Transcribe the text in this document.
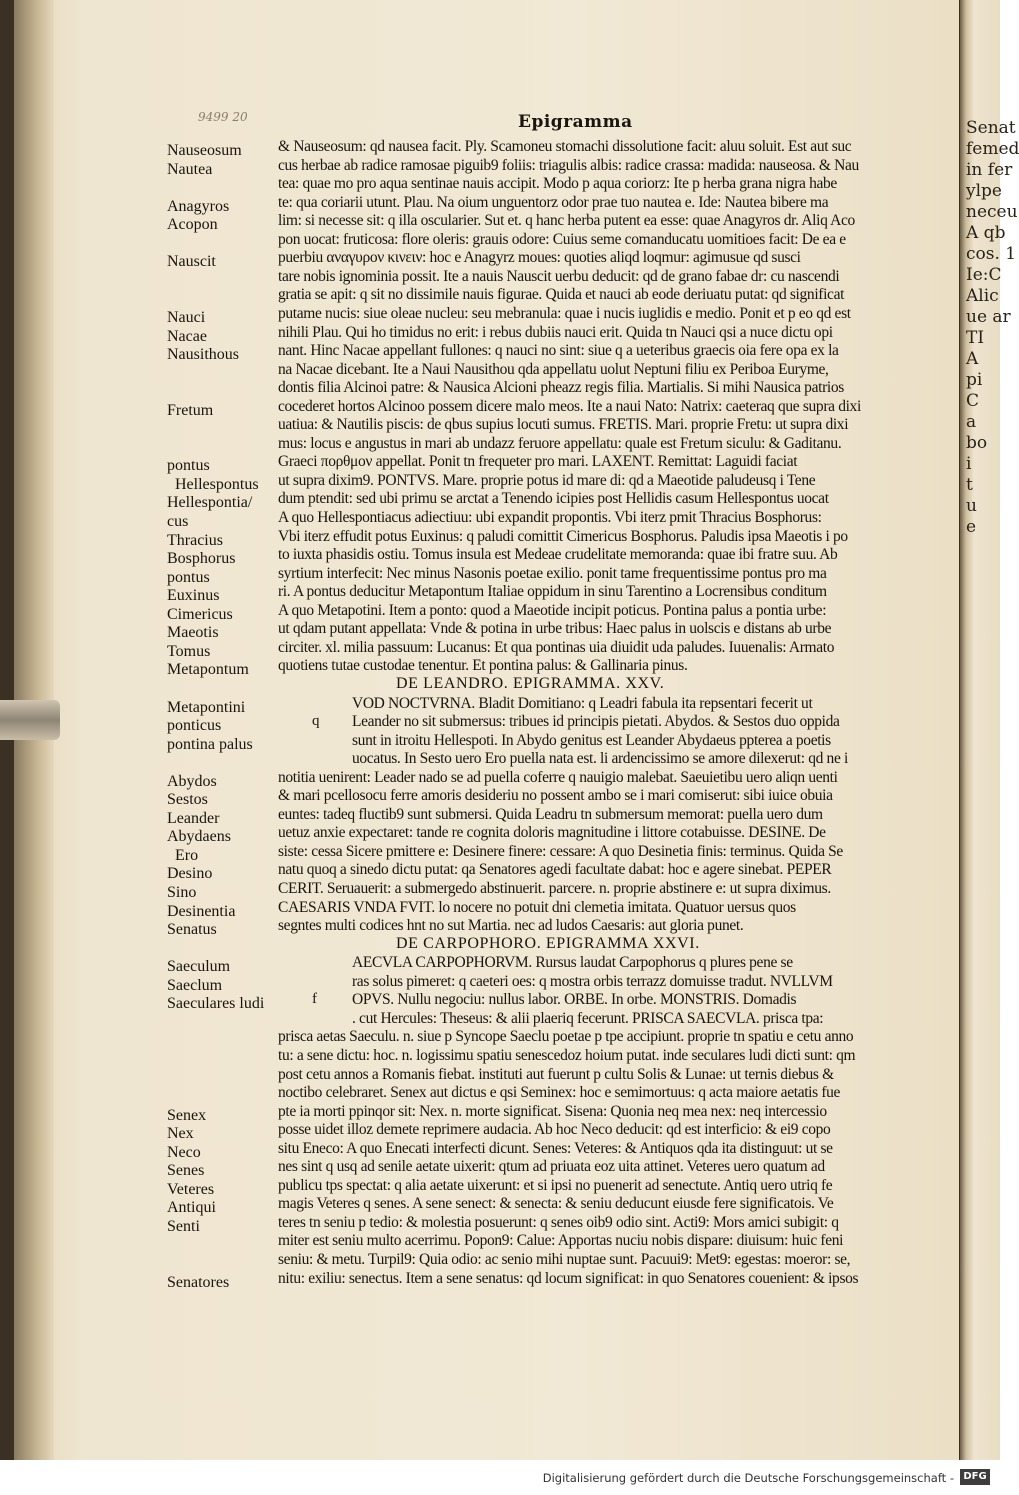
Senat
femed
in fer
ylpe
neceu
A qb
cos. 1
Ie:C
Alic
ue ar
TI
A
pi
C
a
bo
i
t
u
e
9499 20	Epigramma
Nauseosum
Nautea
Anagyros
Acopon
Nauscit
Nauci
Nacae
Nausithous
Fretum
pontus
Hellespontus
Hellespontia/
cus
Thracius
Bosphorus
pontus
Euxinus
Cimericus
Maeotis
Tomus
Metapontum
Metapontini
ponticus
pontina palus
Abydos
Sestos
Leander
Abydaens
Ero
Desino
Sino
Desinentia
Senatus
Saeculum
Saeclum
Saeculares ludi
Senex
Nex
Neco
Senes
Veteres
Antiqui
Senti
Senatores
& Nauseosum: qd nausea facit. Ply. Scamoneu stomachi dissolutione facit: aluu soluit. Est aut suc
cus herbae ab radice ramosae piguib9 foliis: triagulis albis: radice crassa: madida: nauseosa. & Nau
tea: quae mo pro aqua sentinae nauis accipit. Modo p aqua coriorz: Ite p herba grana nigra habe
te: qua coriarii utunt. Plau. Na oium unguentorz odor prae tuo nautea e. Ide: Nautea bibere ma
lim: si necesse sit: q illa oscularier. Sut et. q hanc herba putent ea esse: quae Anagyros dr. Aliq Aco
pon uocat: fruticosa: flore oleris: grauis odore: Cuius seme comanducatu uomitioes facit: De ea e
puerbiu αναγυρον κινειν: hoc e Anagyrz moues: quoties aliqd loqmur: agimusue qd susci
tare nobis ignominia possit. Ite a nauis Nauscit uerbu deducit: qd de grano fabae dr: cu nascendi
gratia se apit: q sit no dissimile nauis figurae. Quida et nauci ab eode deriuatu putat: qd significat
putame nucis: siue oleae nucleu: seu mebranula: quae i nucis iuglidis e medio. Ponit et p eo qd est
nihili Plau. Qui ho timidus no erit: i rebus dubiis nauci erit. Quida tn Nauci qsi a nuce dictu opi
nant. Hinc Nacae appellant fullones: q nauci no sint: siue q a ueteribus graecis oia fere opa ex la
na Nacae dicebant. Ite a Naui Nausithou qda appellatu uolut Neptuni filiu ex Periboa Euryme,
dontis filia Alcinoi patre: & Nausica Alcioni pheazz regis filia. Martialis. Si mihi Nausica patrios
cocederet hortos Alcinoo possem dicere malo meos. Ite a naui Nato: Natrix: caeteraq que supra dixi
uatiua: & Nautilis piscis: de qbus supius locuti sumus. FRETIS. Mari. proprie Fretu: ut supra dixi
mus: locus e angustus in mari ab undazz feruore appellatu: quale est Fretum siculu: & Gaditanu.
Graeci πορθμον appellat. Ponit tn frequeter pro mari. LAXENT. Remittat: Laguidi faciat
ut supra dixim9. PONTVS. Mare. proprie potus id mare di: qd a Maeotide paludeusq i Tene
dum ptendit: sed ubi primu se arctat a Tenendo icipies post Hellidis casum Hellespontus uocat
A quo Hellespontiacus adiectiuu: ubi expandit propontis. Vbi iterz pmit Thracius Bosphorus:
Vbi iterz effudit potus Euxinus: q paludi comittit Cimericus Bosphorus. Paludis ipsa Maeotis i po
to iuxta phasidis ostiu. Tomus insula est Medeae crudelitate memoranda: quae ibi fratre suu. Ab
syrtium interfecit: Nec minus Nasonis poetae exilio. ponit tame frequentissime pontus pro ma
ri. A pontus deducitur Metapontum Italiae oppidum in sinu Tarentino a Locrensibus conditum
A quo Metapotini. Item a ponto: quod a Maeotide incipit poticus. Pontina palus a pontia urbe:
ut qdam putant appellata: Vnde & potina in urbe tribus: Haec palus in uolscis e distans ab urbe
circiter. xl. milia passuum: Lucanus: Et qua pontinas uia diuidit uda paludes. Iuuenalis: Armato
quotiens tutae custodae tenentur. Et pontina palus: & Gallinaria pinus.
DE LEANDRO. EPIGRAMMA. XXV.
VOD NOCTVRNA. Bladit Domitiano: q Leadri fabula ita repsentari fecerit ut
Leander no sit submersus: tribues id principis pietati. Abydos. & Sestos duo oppida
sunt in itroitu Hellespoti. In Abydo genitus est Leander Abydaeus ppterea a poetis
uocatus. In Sesto uero Ero puella nata est. li ardencissimo se amore dilexerut: qd ne i
notitia uenirent: Leader nado se ad puella coferre q nauigio malebat. Saeuietibu uero aliqn uenti
& mari pcellosocu ferre amoris desideriu no possent ambo se i mari comiserut: sibi iuice obuia
euntes: tadeq fluctib9 sunt submersi. Quida Leadru tn submersum memorat: puella uero dum
uetuz anxie expectaret: tande re cognita doloris magnitudine i littore cotabuisse. DESINE. De
siste: cessa Sicere pmittere e: Desinere finere: cessare: A quo Desinetia finis: terminus. Quida Se
natu quoq a sinedo dictu putat: qa Senatores agedi facultate dabat: hoc e agere sinebat. PEPER
CERIT. Seruauerit: a submergedo abstinuerit. parcere. n. proprie abstinere e: ut supra diximus.
CAESARIS VNDA FVIT. lo nocere no potuit dni clemetia imitata. Quatuor uersus quos
segntes multi codices hnt no sut Martia. nec ad ludos Caesaris: aut gloria punet.
DE CARPOPHORO. EPIGRAMMA XXVI.
AECVLA CARPOPHORVM. Rursus laudat Carpophorus q plures pene se
ras solus pimeret: q caeteri oes: q mostra orbis terrazz domuisse tradut. NVLLVM
OPVS. Nullu negociu: nullus labor. ORBE. In orbe. MONSTRIS. Domadis
. cut Hercules: Theseus: & alii plaeriq fecerunt. PRISCA SAECVLA. prisca tpa:
prisca aetas Saeculu. n. siue p Syncope Saeclu poetae p tpe accipiunt. proprie tn spatiu e cetu anno
tu: a sene dictu: hoc. n. logissimu spatiu senescedoz hoium putat. inde seculares ludi dicti sunt: qm
post cetu annos a Romanis fiebat. instituti aut fuerunt p cultu Solis & Lunae: ut ternis diebus &
noctibo celebraret. Senex aut dictus e qsi Seminex: hoc e semimortuus: q acta maiore aetatis fue
pte ia morti ppinqor sit: Nex. n. morte significat. Sisena: Quonia neq mea nex: neq intercessio
posse uidet illoz demete reprimere audacia. Ab hoc Neco deducit: qd est interficio: & ei9 copo
situ Eneco: A quo Enecati interfecti dicunt. Senes: Veteres: & Antiquos qda ita distinguut: ut se
nes sint q usq ad senile aetate uixerit: qtum ad priuata eoz uita attinet. Veteres uero quatum ad
publicu tps spectat: q alia aetate uixerunt: et si ipsi no puenerit ad senectute. Antiq uero utriq fe
magis Veteres q senes. A sene senect: & senecta: & seniu deducunt eiusde fere significatois. Ve
teres tn seniu p tedio: & molestia posuerunt: q senes oib9 odio sint. Acti9: Mors amici subigit: q
miter est seniu multo acerrimu. Popon9: Calue: Apportas nuciu nobis dispare: diuisum: huic feni
seniu: & metu. Turpil9: Quia odio: ac senio mihi nuptae sunt. Pacuui9: Met9: egestas: moeror: se,
nitu: exiliu: senectus. Item a sene senatus: qd locum significat: in quo Senatores couenient: & ipsos
q
f
Digitalisierung gefördert durch die Deutsche Forschungsgemeinschaft - DFG
